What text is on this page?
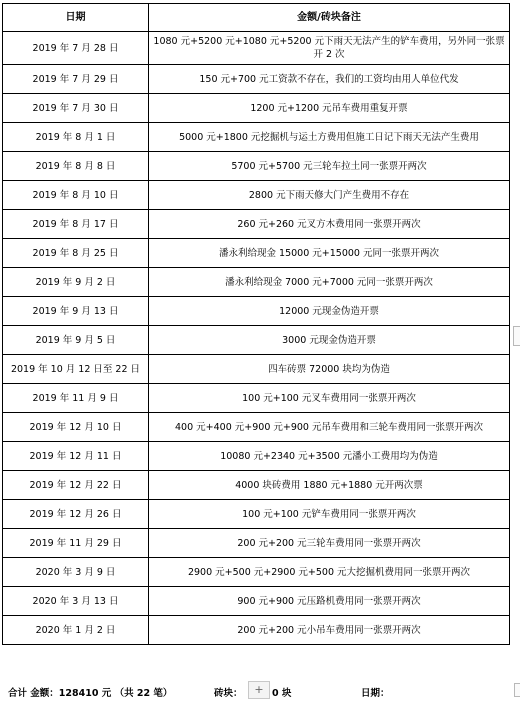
日期	金额/砖块备注
2019 年 7 月 28 日	1080 元+5200 元+1080 元+5200 元下雨天无法产生的铲车费用，另外同一张票开 2 次
2019 年 7 月 29 日	150 元+700 元工资款不存在，我们的工资均由用人单位代发
2019 年 7 月 30 日	1200 元+1200 元吊车费用重复开票
2019 年 8 月 1 日	5000 元+1800 元挖掘机与运土方费用但施工日记下雨天无法产生费用
2019 年 8 月 8 日	5700 元+5700 元三轮车拉土同一张票开两次
2019 年 8 月 10 日	2800 元下雨天修大门产生费用不存在
2019 年 8 月 17 日	260 元+260 元叉方木费用同一张票开两次
2019 年 8 月 25 日	潘永利给现金 15000 元+15000 元同一张票开两次
2019 年 9 月 2 日	潘永利给现金 7000 元+7000 元同一张票开两次
2019 年 9 月 13 日	12000 元现金伪造开票
2019 年 9 月 5 日	3000 元现金伪造开票
2019 年 10 月 12 日至 22 日	四车砖票 72000 块均为伪造
2019 年 11 月 9 日	100 元+100 元叉车费用同一张票开两次
2019 年 12 月 10 日	400 元+400 元+900 元+900 元吊车费用和三轮车费用同一张票开两次
2019 年 12 月 11 日	10080 元+2340 元+3500 元潘小工费用均为伪造
2019 年 12 月 22 日	4000 块砖费用 1880 元+1880 元开两次票
2019 年 12 月 26 日	100 元+100 元铲车费用同一张票开两次
2019 年 11 月 29 日	200 元+200 元三轮车费用同一张票开两次
2020 年 3 月 9 日	2900 元+500 元+2900 元+500 元大挖掘机费用同一张票开两次
2020 年 3 月 13 日	900 元+900 元压路机费用同一张票开两次
2020 年 1 月 2 日	200 元+200 元小吊车费用同一张票开两次
合计 金额：128410 元 （共 22 笔）	砖块：	0 块	日期：
+
